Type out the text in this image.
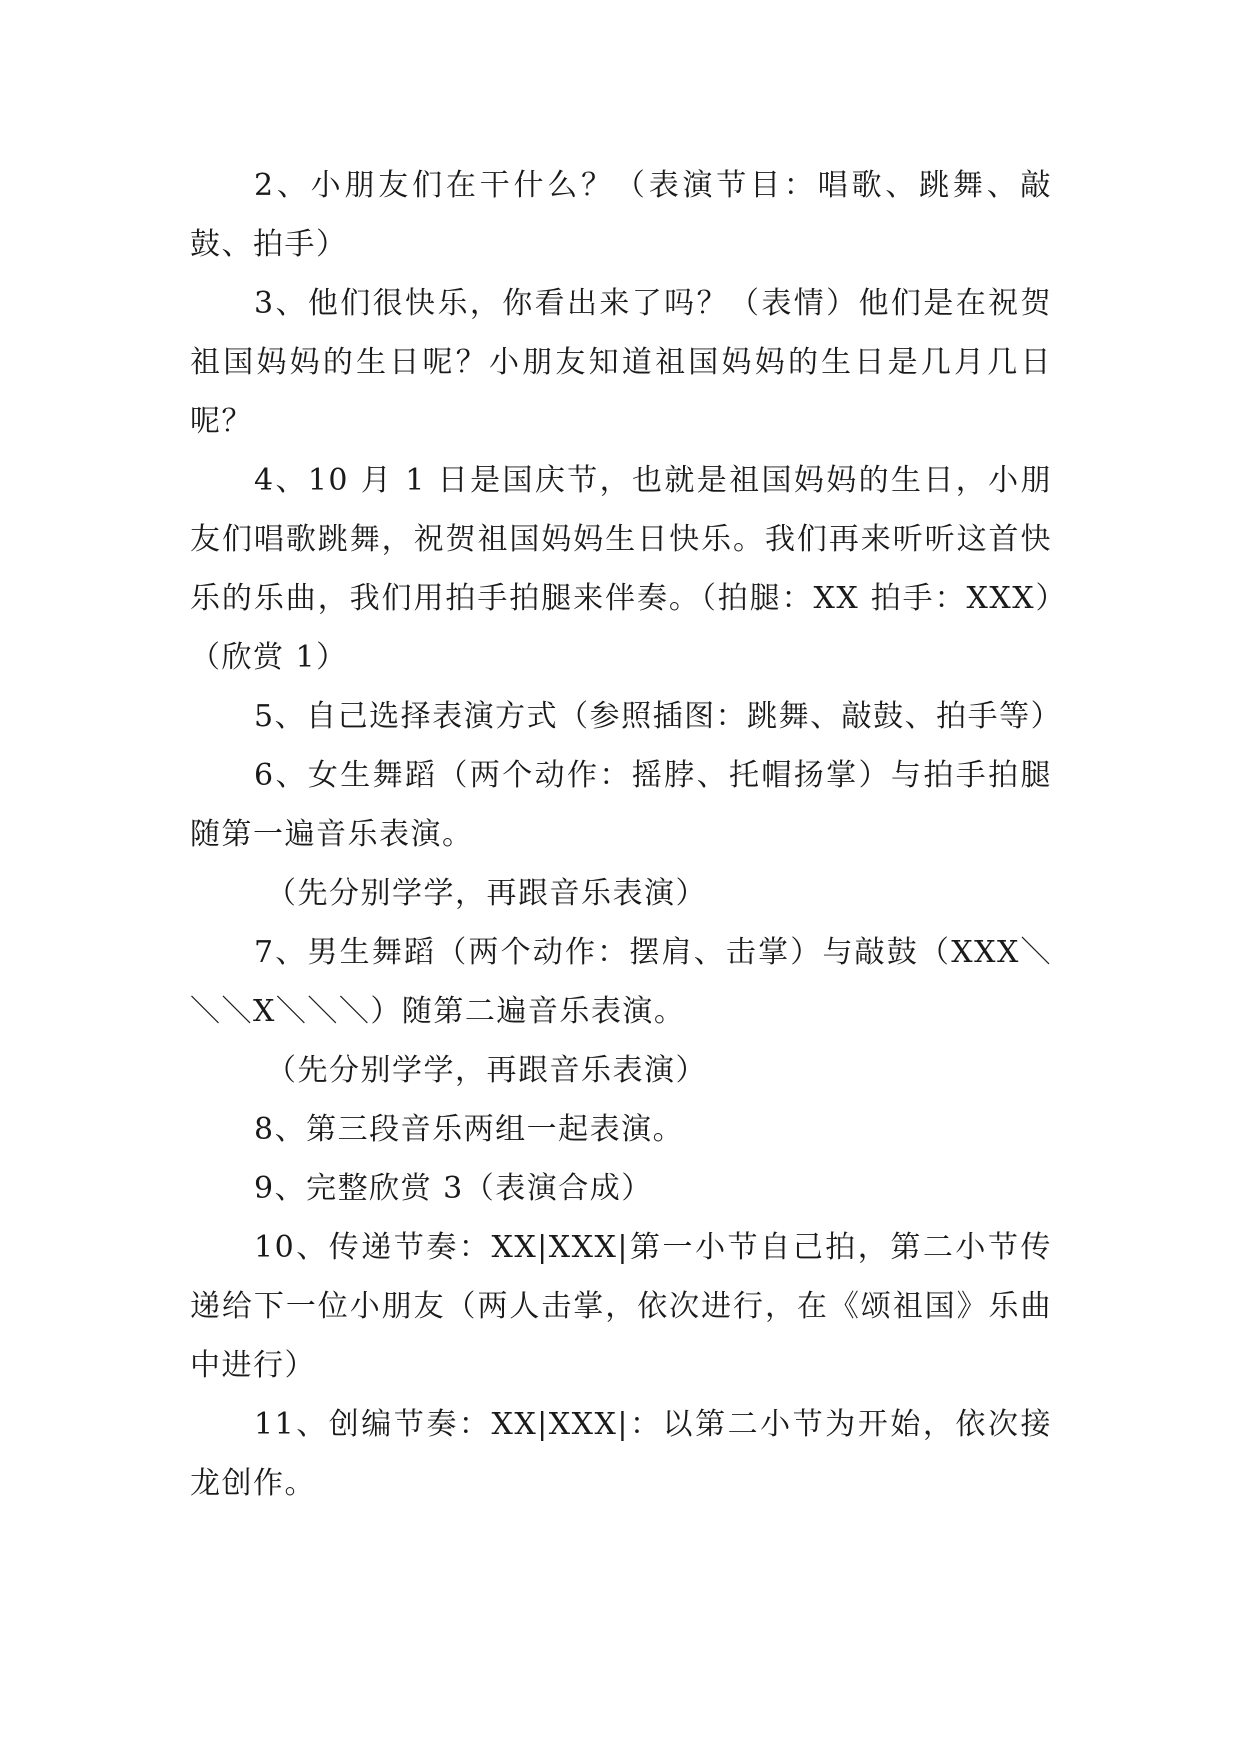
2、小朋友们在干什么？（表演节目：唱歌、跳舞、敲鼓、拍手）

3、他们很快乐，你看出来了吗？（表情）他们是在祝贺祖国妈妈的生日呢？小朋友知道祖国妈妈的生日是几月几日呢？

4、10 月 1 日是国庆节，也就是祖国妈妈的生日，小朋友们唱歌跳舞，祝贺祖国妈妈生日快乐。我们再来听听这首快乐的乐曲，我们用拍手拍腿来伴奏。（拍腿：XX 拍手：XXX）（欣赏 1）

5、自己选择表演方式（参照插图：跳舞、敲鼓、拍手等）

6、女生舞蹈（两个动作：摇脖、托帽扬掌）与拍手拍腿随第一遍音乐表演。

（先分别学学，再跟音乐表演）

7、男生舞蹈（两个动作：摆肩、击掌）与敲鼓（XXX＼＼＼X＼＼＼）随第二遍音乐表演。

（先分别学学，再跟音乐表演）

8、第三段音乐两组一起表演。

9、完整欣赏 3（表演合成）

10、传递节奏：XX|XXX|第一小节自己拍，第二小节传递给下一位小朋友（两人击掌，依次进行，在《颂祖国》乐曲中进行）

11、创编节奏：XX|XXX|：以第二小节为开始，依次接龙创作。
